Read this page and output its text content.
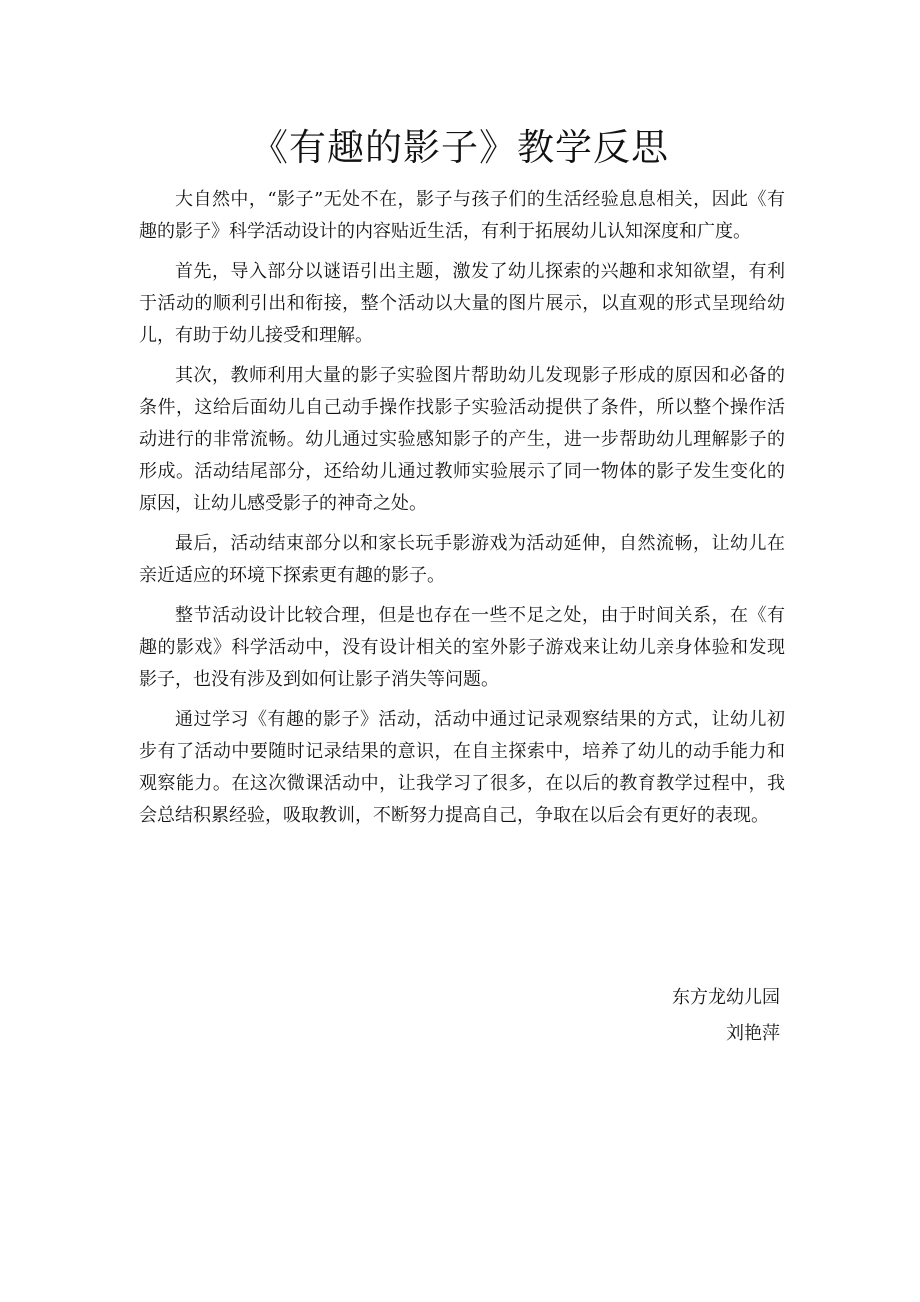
《有趣的影子》教学反思

大自然中，“影子”无处不在，影子与孩子们的生活经验息息相关，因此《有趣的影子》科学活动设计的内容贴近生活，有利于拓展幼儿认知深度和广度。

首先，导入部分以谜语引出主题，激发了幼儿探索的兴趣和求知欲望，有利于活动的顺利引出和衔接，整个活动以大量的图片展示，以直观的形式呈现给幼儿，有助于幼儿接受和理解。

其次，教师利用大量的影子实验图片帮助幼儿发现影子形成的原因和必备的条件，这给后面幼儿自己动手操作找影子实验活动提供了条件，所以整个操作活动进行的非常流畅。幼儿通过实验感知影子的产生，进一步帮助幼儿理解影子的形成。活动结尾部分，还给幼儿通过教师实验展示了同一物体的影子发生变化的原因，让幼儿感受影子的神奇之处。

最后，活动结束部分以和家长玩手影游戏为活动延伸，自然流畅，让幼儿在亲近适应的环境下探索更有趣的影子。

整节活动设计比较合理，但是也存在一些不足之处，由于时间关系，在《有趣的影戏》科学活动中，没有设计相关的室外影子游戏来让幼儿亲身体验和发现影子，也没有涉及到如何让影子消失等问题。

通过学习《有趣的影子》活动，活动中通过记录观察结果的方式，让幼儿初步有了活动中要随时记录结果的意识，在自主探索中，培养了幼儿的动手能力和观察能力。在这次微课活动中，让我学习了很多，在以后的教育教学过程中，我会总结积累经验，吸取教训，不断努力提高自己，争取在以后会有更好的表现。

东方龙幼儿园

刘艳萍
